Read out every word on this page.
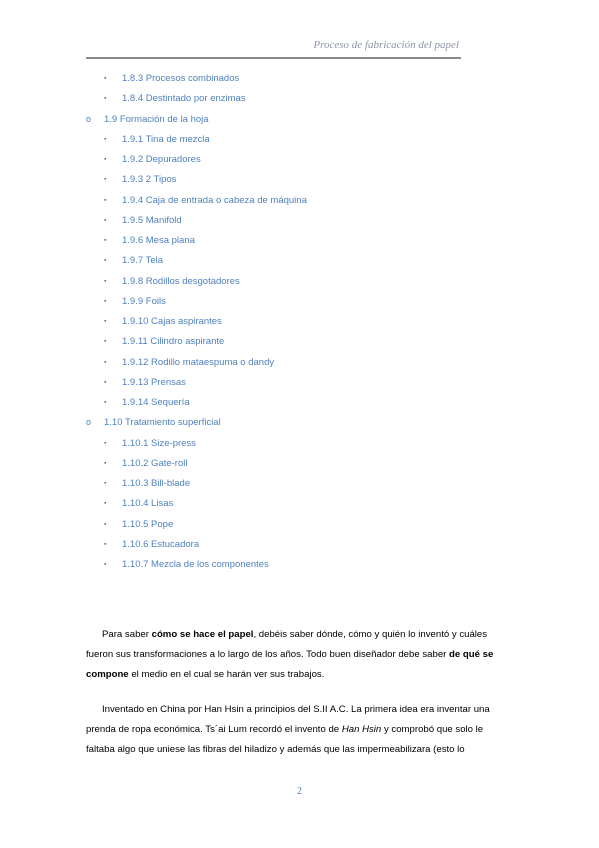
Proceso de fabricación del papel
▪ 1.8.3 Procesos combinados
▪ 1.8.4 Destintado por enzimas
o 1.9 Formación de la hoja
▪ 1.9.1 Tina de mezcla
▪ 1.9.2 Depuradores
▪ 1.9.3 2 Tipos
▪ 1.9.4 Caja de entrada o cabeza de máquina
▪ 1.9.5 Manifold
▪ 1.9.6 Mesa plana
▪ 1.9.7 Tela
▪ 1.9.8 Rodillos desgotadores
▪ 1.9.9 Foils
▪ 1.9.10 Cajas aspirantes
▪ 1.9.11 Cilindro aspirante
▪ 1.9.12 Rodillo mataespuma o dandy
▪ 1.9.13 Prensas
▪ 1.9.14 Sequería
o 1.10 Tratamiento superficial
▪ 1.10.1 Size-press
▪ 1.10.2 Gate-roll
▪ 1.10.3 Bill-blade
▪ 1.10.4 Lisas
▪ 1.10.5 Pope
▪ 1.10.6 Estucadora
▪ 1.10.7 Mezcla de los componentes

Para saber cómo se hace el papel, debéis saber dónde, cómo y quién lo inventó y cuáles fueron sus transformaciones a lo largo de los años. Todo buen diseñador debe saber de qué se compone el medio en el cual se harán ver sus trabajos.

Inventado en China por Han Hsin a principios del S.II A.C. La primera idea era inventar una prenda de ropa económica. Ts´ai Lum recordó el invento de Han Hsin y comprobó que solo le faltaba algo que uniese las fibras del hiladizo y además que las impermeabilizara (esto lo

2
